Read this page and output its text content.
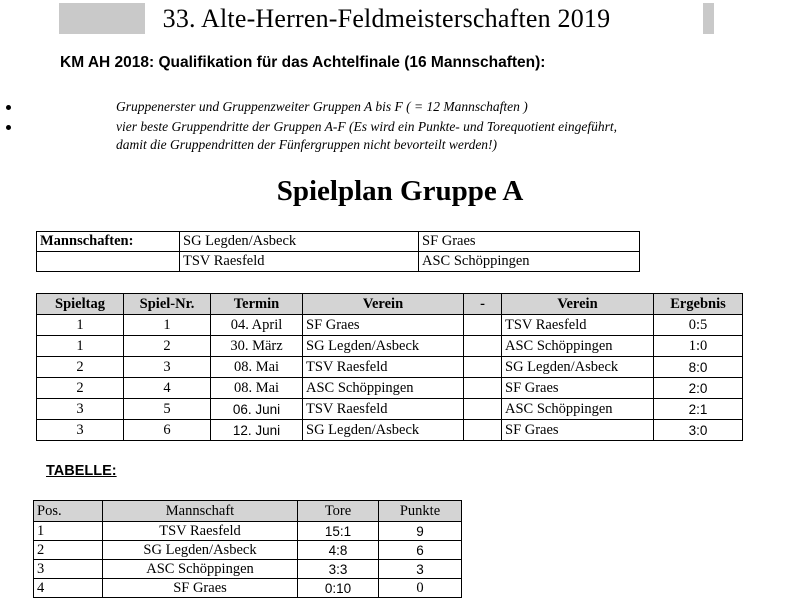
33. Alte-Herren-Feldmeisterschaften 2019
KM AH 2018: Qualifikation für das Achtelfinale (16 Mannschaften):
Gruppenerster und Gruppenzweiter Gruppen A bis F ( = 12 Mannschaften )
vier beste Gruppendritte der Gruppen A-F (Es wird ein Punkte- und Torequotient eingeführt,
damit die Gruppendritten der Fünfergruppen nicht bevorteilt werden!)
Spielplan Gruppe A
Mannschaften:	SG Legden/Asbeck	SF Graes
	TSV Raesfeld	ASC Schöppingen
Spieltag	Spiel-Nr.	Termin	Verein	-	Verein	Ergebnis
1	1	04. April	SF Graes		TSV Raesfeld	0:5
1	2	30. März	SG Legden/Asbeck		ASC Schöppingen	1:0
2	3	08. Mai	TSV Raesfeld		SG Legden/Asbeck	8:0
2	4	08. Mai	ASC Schöppingen		SF Graes	2:0
3	5	06. Juni	TSV Raesfeld		ASC Schöppingen	2:1
3	6	12. Juni	SG Legden/Asbeck		SF Graes	3:0
TABELLE:
Pos.	Mannschaft	Tore	Punkte
1	TSV Raesfeld	15:1	9
2	SG Legden/Asbeck	4:8	6
3	ASC Schöppingen	3:3	3
4	SF Graes	0:10	0
